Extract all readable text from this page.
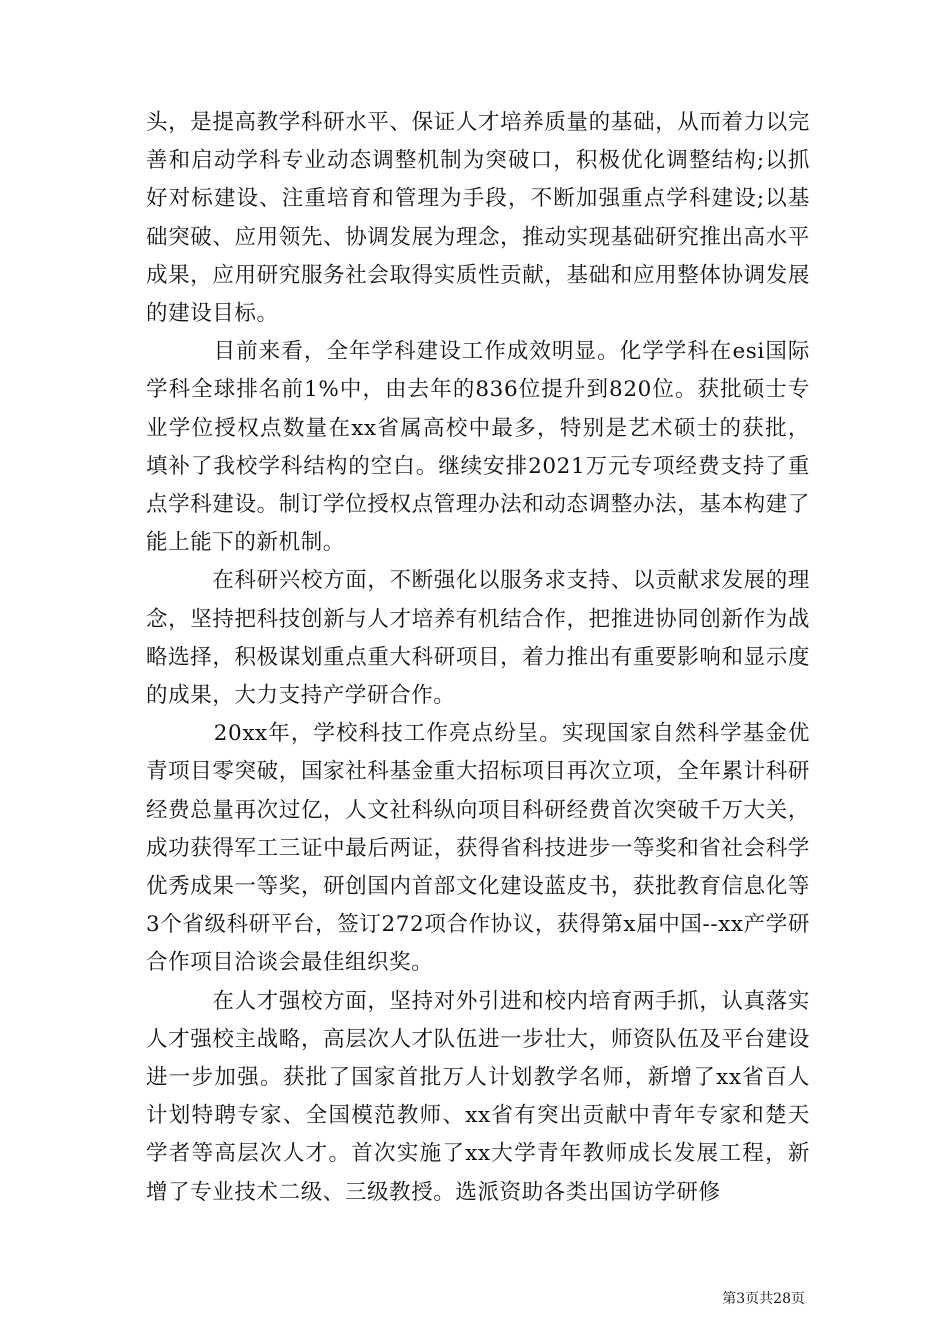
头，是提高教学科研水平、保证人才培养质量的基础，从而着力以完善和启动学科专业动态调整机制为突破口，积极优化调整结构;以抓好对标建设、注重培育和管理为手段，不断加强重点学科建设;以基础突破、应用领先、协调发展为理念，推动实现基础研究推出高水平成果，应用研究服务社会取得实质性贡献，基础和应用整体协调发展的建设目标。

　　　目前来看，全年学科建设工作成效明显。化学学科在esi国际学科全球排名前1%中，由去年的836位提升到820位。获批硕士专业学位授权点数量在xx省属高校中最多，特别是艺术硕士的获批，填补了我校学科结构的空白。继续安排2021万元专项经费支持了重点学科建设。制订学位授权点管理办法和动态调整办法，基本构建了能上能下的新机制。

　　　在科研兴校方面，不断强化以服务求支持、以贡献求发展的理念，坚持把科技创新与人才培养有机结合作，把推进协同创新作为战略选择，积极谋划重点重大科研项目，着力推出有重要影响和显示度的成果，大力支持产学研合作。

　　　20xx年，学校科技工作亮点纷呈。实现国家自然科学基金优青项目零突破，国家社科基金重大招标项目再次立项，全年累计科研经费总量再次过亿，人文社科纵向项目科研经费首次突破千万大关，成功获得军工三证中最后两证，获得省科技进步一等奖和省社会科学优秀成果一等奖，研创国内首部文化建设蓝皮书，获批教育信息化等3个省级科研平台，签订272项合作协议，获得第x届中国--xx产学研合作项目洽谈会最佳组织奖。

　　　在人才强校方面，坚持对外引进和校内培育两手抓，认真落实人才强校主战略，高层次人才队伍进一步壮大，师资队伍及平台建设进一步加强。获批了国家首批万人计划教学名师，新增了xx省百人计划特聘专家、全国模范教师、xx省有突出贡献中青年专家和楚天学者等高层次人才。首次实施了xx大学青年教师成长发展工程，新增了专业技术二级、三级教授。选派资助各类出国访学研修

第3页共28页
